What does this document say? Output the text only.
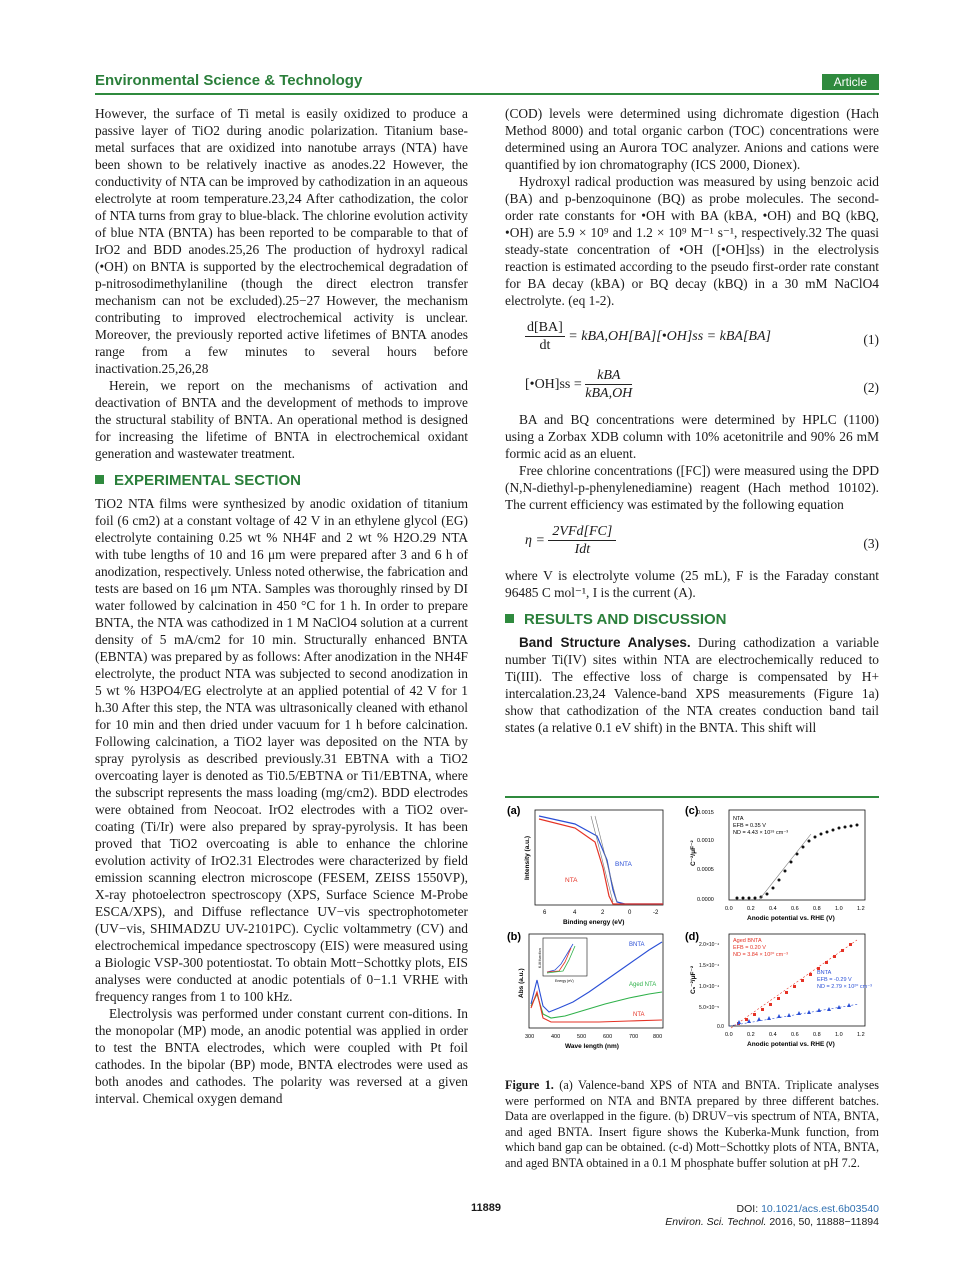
Environmental Science & Technology	Article

However, the surface of Ti metal is easily oxidized to produce a passive layer of TiO2 during anodic polarization. Titanium base-metal surfaces that are oxidized into nanotube arrays (NTA) have been shown to be relatively inactive as anodes.22 However, the conductivity of NTA can be improved by cathodization in an aqueous electrolyte at room temperature.23,24 After cathodization, the color of NTA turns from gray to blue-black. The chlorine evolution activity of blue NTA (BNTA) has been reported to be comparable to that of IrO2 and BDD anodes.25,26 The production of hydroxyl radical (•OH) on BNTA is supported by the electrochemical degradation of p-nitrosodimethylaniline (though the direct electron transfer mechanism can not be excluded).25−27 However, the mechanism contributing to improved electrochemical activity is unclear. Moreover, the previously reported active lifetimes of BNTA anodes range from a few minutes to several hours before inactivation.25,26,28

Herein, we report on the mechanisms of activation and deactivation of BNTA and the development of methods to improve the structural stability of BNTA. An operational method is designed for increasing the lifetime of BNTA in electrochemical oxidant generation and wastewater treatment.

EXPERIMENTAL SECTION

TiO2 NTA films were synthesized by anodic oxidation of titanium foil (6 cm2) at a constant voltage of 42 V in an ethylene glycol (EG) electrolyte containing 0.25 wt % NH4F and 2 wt % H2O.29 NTA with tube lengths of 10 and 16 μm were prepared after 3 and 6 h of anodization, respectively. Unless noted otherwise, the fabrication and tests are based on 16 μm NTA. Samples was thoroughly rinsed by DI water followed by calcination in 450 °C for 1 h. In order to prepare BNTA, the NTA was cathodized in 1 M NaClO4 solution at a current density of 5 mA/cm2 for 10 min. Structurally enhanced BNTA (EBNTA) was prepared by as follows: After anodization in the NH4F electrolyte, the product NTA was subjected to second anodization in 5 wt % H3PO4/EG electrolyte at an applied potential of 42 V for 1 h.30 After this step, the NTA was ultrasonically cleaned with ethanol for 10 min and then dried under vacuum for 1 h before calcination. Following calcination, a TiO2 layer was deposited on the NTA by spray pyrolysis as described previously.31 EBTNA with a TiO2 overcoating layer is denoted as Ti0.5/EBTNA or Ti1/EBTNA, where the subscript represents the mass loading (mg/cm2). BDD electrodes were obtained from Neocoat. IrO2 electrodes with a TiO2 over-coating (Ti/Ir) were also prepared by spray-pyrolysis. It has been proved that TiO2 overcoating is able to enhance the chlorine evolution activity of IrO2.31 Electrodes were characterized by field emission scanning electron microscope (FESEM, ZEISS 1550VP), X-ray photoelectron spectroscopy (XPS, Surface Science M-Probe ESCA/XPS), and Diffuse reflectance UV−vis spectrophotometer (UV−vis, SHIMADZU UV-2101PC). Cyclic voltammetry (CV) and electrochemical impedance spectroscopy (EIS) were measured using a Biologic VSP-300 potentiostat. To obtain Mott−Schottky plots, EIS analyses were conducted at anodic potentials of 0−1.1 VRHE with frequency ranges from 1 to 100 kHz.

Electrolysis was performed under constant current con-ditions. In the monopolar (MP) mode, an anodic potential was applied in order to test the BNTA electrodes, which were coupled with Pt foil cathodes. In the bipolar (BP) mode, BNTA electrodes were used as both anodes and cathodes. The polarity was reversed at a given interval. Chemical oxygen demand

(COD) levels were determined using dichromate digestion (Hach Method 8000) and total organic carbon (TOC) concentrations were determined using an Aurora TOC analyzer. Anions and cations were quantified by ion chromatography (ICS 2000, Dionex).

Hydroxyl radical production was measured by using benzoic acid (BA) and p-benzoquinone (BQ) as probe molecules. The second-order rate constants for •OH with BA (kBA, •OH) and BQ (kBQ, •OH) are 5.9 × 10⁹ and 1.2 × 10⁹ M⁻¹ s⁻¹, respectively.32 The quasi steady-state concentration of •OH ([•OH]ss) in the electrolysis reaction is estimated according to the pseudo first-order rate constant for BA decay (kBA) or BQ decay (kBQ) in a 30 mM NaClO4 electrolyte. (eq 1-2).

$\frac{d[BA]}{dt}$ = kBA,OH[BA][•OH]ss = kBA[BA]	(1)
[•OH]ss =
kBA
kBA,OH	(2)

BA and BQ concentrations were determined by HPLC (1100) using a Zorbax XDB column with 10% acetonitrile and 90% 26 mM formic acid as an eluent.

Free chlorine concentrations ([FC]) were measured using the DPD (N,N-diethyl-p-phenylenediamine) reagent (Hach method 10102). The current efficiency was estimated by the following equation

η =
2VFd[FC]
Idt	(3)

where V is electrolyte volume (25 mL), F is the Faraday constant 96485 C mol⁻¹, I is the current (A).

RESULTS AND DISCUSSION

Band Structure Analyses. During cathodization a variable number Ti(IV) sites within NTA are electrochemically reduced to Ti(III). The effective loss of charge is compensated by H+ intercalation.23,24 Valence-band XPS measurements (Figure 1a) show that cathodization of the NTA creates conduction band tail states (a relative 0.1 eV shift) in the BNTA. This shift will

(a)
BNTA
NTA
6	4	2	0	-2
Binding energy (eV)
Intensity (a.u.)
(c)
NTA
EFB = 0.35 V
ND = 4.43 × 10¹⁹ cm⁻³
0.0015
0.0010
0.0005
0.0000
0.0	0.2	0.4	0.6	0.8	1.0	1.2
Anodic potential vs. RHE (V)
C⁻²/μF⁻²
(b)
Energy (eV)
K-M function
BNTA
Aged NTA
NTA
300	400	500	600	700	800
Wave length (nm)
Abs (a.u.)
(d)	Aged BNTA
EFB = 0.20 V
ND = 3.84 × 10²⁰ cm⁻³
BNTA
EFB = -0.29 V
ND = 2.79 × 10²⁰ cm⁻³
2.0×10⁻⁴
1.5×10⁻⁴
1.0×10⁻⁴
5.0×10⁻⁵
0.0
0.0	0.2	0.4	0.6	0.8	1.0	1.2
Anodic potential vs. RHE (V)
Cₛ⁻²/μF⁻²
Figure 1. (a) Valence-band XPS of NTA and BNTA. Triplicate analyses were performed on NTA and BNTA prepared by three different batches. Data are overlapped in the figure. (b) DRUV−vis spectrum of NTA, BNTA, and aged BNTA. Insert figure shows the Kuberka-Munk function, from which band gap can be obtained. (c-d) Mott−Schottky plots of NTA, BNTA, and aged BNTA obtained in a 0.1 M phosphate buffer solution at pH 7.2.
11889	DOI: 10.1021/acs.est.6b03540
Environ. Sci. Technol. 2016, 50, 11888−11894
